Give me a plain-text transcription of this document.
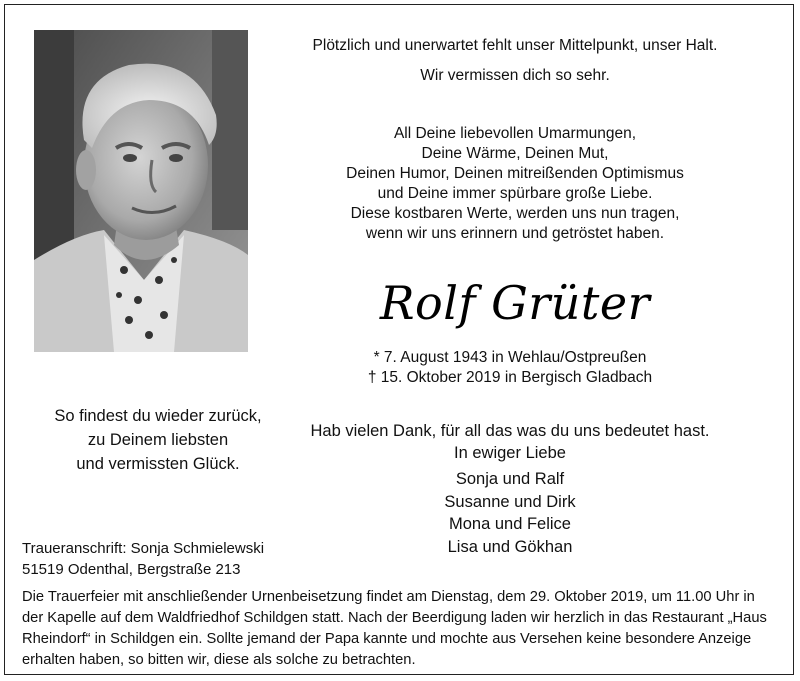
Plötzlich und unerwartet fehlt unser Mittelpunkt, unser Halt.
Wir vermissen dich so sehr.
All Deine liebevollen Umarmungen,
Deine Wärme, Deinen Mut,
Deinen Humor, Deinen mitreißenden Optimismus
und Deine immer spürbare große Liebe.
Diese kostbaren Werte, werden uns nun tragen,
wenn wir uns erinnern und getröstet haben.
Rolf Grüter
* 7. August 1943 in Wehlau/Ostpreußen
† 15. Oktober 2019 in Bergisch Gladbach
So findest du wieder zurück,
zu Deinem liebsten
und vermissten Glück.
Hab vielen Dank, für all das was du uns bedeutet hast.
In ewiger Liebe
Sonja und Ralf
Susanne und Dirk
Mona und Felice
Lisa und Gökhan
Traueranschrift: Sonja Schmielewski
51519 Odenthal, Bergstraße 213
Die Trauerfeier mit anschließender Urnenbeisetzung findet am Dienstag, dem 29. Oktober 2019, um 11.00 Uhr in
der Kapelle auf dem Waldfriedhof Schildgen statt. Nach der Beerdigung laden wir herzlich in das Restaurant „Haus
Rheindorf“ in Schildgen ein. Sollte jemand der Papa kannte und mochte aus Versehen keine besondere Anzeige
erhalten haben, so bitten wir, diese als solche zu betrachten.
